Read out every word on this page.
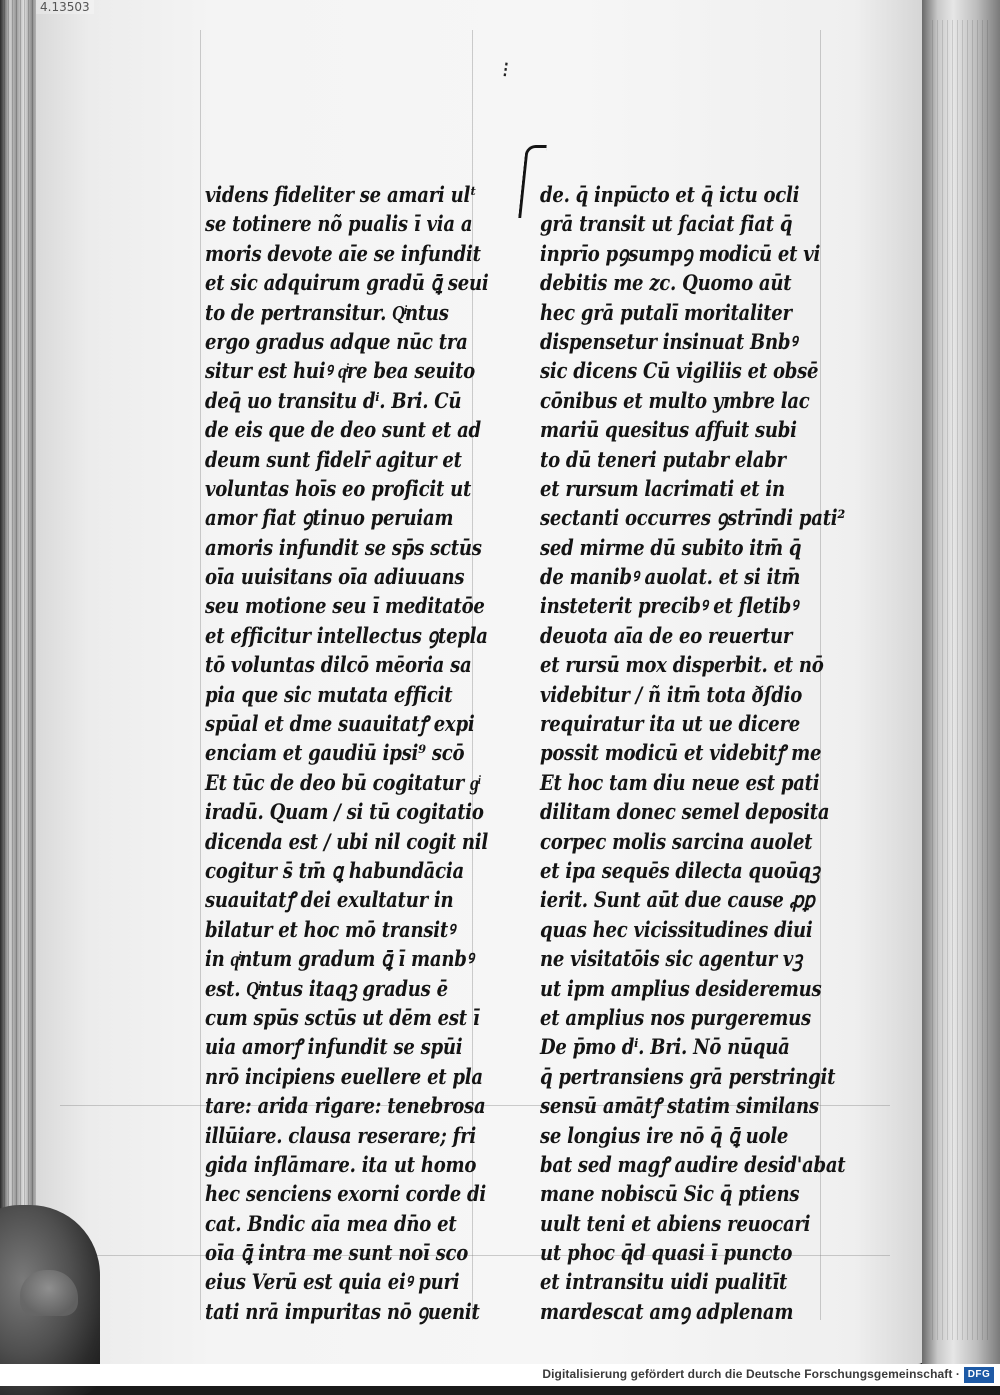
4.13503
⁝
videns fideliter se amari ulᵗ
se totinere nõ pualis ī via a
moris devote aīe se infundit
et sic adquirum gradū ꝗ̄ seui
to de pertransitur. Qͥntus
ergo gradus adque nūc tra
situr est huiꝰ qͥre bea seuito
deq̄ uo transitu dⁱ. Bri. Cū
de eis que de deo sunt et ad
deum sunt fidelr̄ agitur et
voluntas hoīs eo proficit ut
amor fiat ꝯtinuo peruiam
amoris infundit se sp̄s sctūs
oīa uuisitans oīa adiuuans
seu motione seu ī meditatōe
et efficitur intellectus ꝯtepla
tō voluntas dilcō mēoria sa
pia que sic mutata efficit
spūal et dme suauitatꝭ expi
enciam et gaudiū ipsi⁹ scō
Et tūc de deo bū cogitatur gͥ
iradū. Quam / si tū cogitatio
dicenda est / ubi nil cogit nil
cogitur s̄ tm̄ ꝗ habundācia
suauitatꝭ dei exultatur in
bilatur et hoc mō transitꝰ
in qͥntum gradum ꝗ̄ ī manbꝰ
est. Qͥntus itaqꝫ gradus ē
cum spūs sctūs ut dēm est ī
uia amorꝭ infundit se spūi
nrō incipiens euellere et pla
tare: arida rigare: tenebrosa
illūiare. clausa reserare; fri
gida inflāmare. ita ut homo
hec senciens exorni corde di
cat. Bndic aīa mea dn̄o et
oīa ꝗ̄ intra me sunt noī sco
eius Verū est quia eiꝰ puri
tati nrā impuritas nō ꝯuenit
de. q̄ inpūcto et q̄ ictu ocli
grā transit ut faciat fiat q̄
inprīo pꝯsumpꝯ modicū et vi
debitis me zc. Quomo aūt
hec grā putalī moritaliter
dispensetur insinuat Bnbꝰ
sic dicens Cū vigiliis et obsē
cōnibus et multo ymbre lac
mariū quesitus affuit subi
to dū teneri putabr elabr
et rursum lacrimati et in
sectanti occurres ꝯstrīndi pati²
sed mirme dū subito itm̄ q̄
de manibꝰ auolat. et si itm̄
insteterit precibꝰ et fletibꝰ
deuota aīa de eo reuertur
et rursū mox disperbit. et nō
videbitur / ñ itm̄ tota ðſdio
requiratur ita ut ue dicere
possit modicū et videbitꝭ me
Et hoc tam diu neue est pati
dilitam donec semel deposita
corpec molis sarcina auolet
et ipa sequēs dilecta quoūqꝫ
ierit. Sunt aūt due cause ꝓꝑ
quas hec vicissitudines diui
ne visitatōis sic agentur vꝫ
ut ipm amplius desideremus
et amplius nos purgeremus
De p̄mo dⁱ. Bri. Nō nūquā
q̄ pertransiens grā perstringit
sensū amātꝭ statim similans
se longius ire nō q̄ ꝗ̄ uole
bat sed magꝭ audire desid'abat
mane nobiscū Sic q̄ ptiens
uult teni et abiens reuocari
ut phoc q̄d quasi ī puncto
et intransitu uidi pualitīt
mardescat amꝯ adplenam
Digitalisierung gefördert durch die Deutsche Forschungsgemeinschaft · DFG
